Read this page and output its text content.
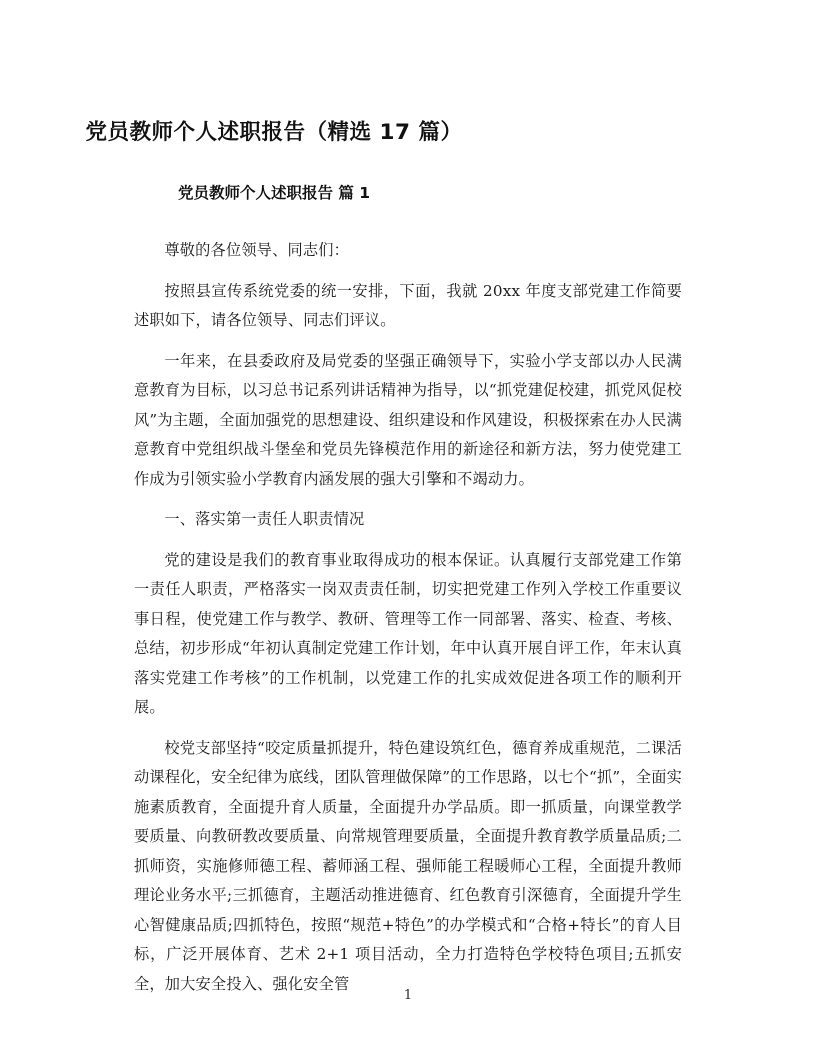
党员教师个人述职报告（精选 17 篇）
党员教师个人述职报告 篇 1

尊敬的各位领导、同志们：

按照县宣传系统党委的统一安排，下面，我就 20xx 年度支部党建工作简要述职如下，请各位领导、同志们评议。

一年来，在县委政府及局党委的坚强正确领导下，实验小学支部以办人民满意教育为目标，以习总书记系列讲话精神为指导，以“抓党建促校建，抓党风促校风”为主题，全面加强党的思想建设、组织建设和作风建设，积极探索在办人民满意教育中党组织战斗堡垒和党员先锋模范作用的新途径和新方法，努力使党建工作成为引领实验小学教育内涵发展的强大引擎和不竭动力。

一、落实第一责任人职责情况

党的建设是我们的教育事业取得成功的根本保证。认真履行支部党建工作第一责任人职责，严格落实一岗双责责任制，切实把党建工作列入学校工作重要议事日程，使党建工作与教学、教研、管理等工作一同部署、落实、检查、考核、总结，初步形成“年初认真制定党建工作计划，年中认真开展自评工作，年末认真落实党建工作考核”的工作机制，以党建工作的扎实成效促进各项工作的顺利开展。

校党支部坚持“咬定质量抓提升，特色建设筑红色，德育养成重规范，二课活动课程化，安全纪律为底线，团队管理做保障”的工作思路，以七个“抓”，全面实施素质教育，全面提升育人质量，全面提升办学品质。即一抓质量，向课堂教学要质量、向教研教改要质量、向常规管理要质量，全面提升教育教学质量品质;二抓师资，实施修师德工程、蓄师涵工程、强师能工程暖师心工程，全面提升教师理论业务水平;三抓德育，主题活动推进德育、红色教育引深德育，全面提升学生心智健康品质;四抓特色，按照“规范+特色”的办学模式和“合格+特长”的育人目标，广泛开展体育、艺术 2+1 项目活动，全力打造特色学校特色项目;五抓安全，加大安全投入、强化安全管

1
